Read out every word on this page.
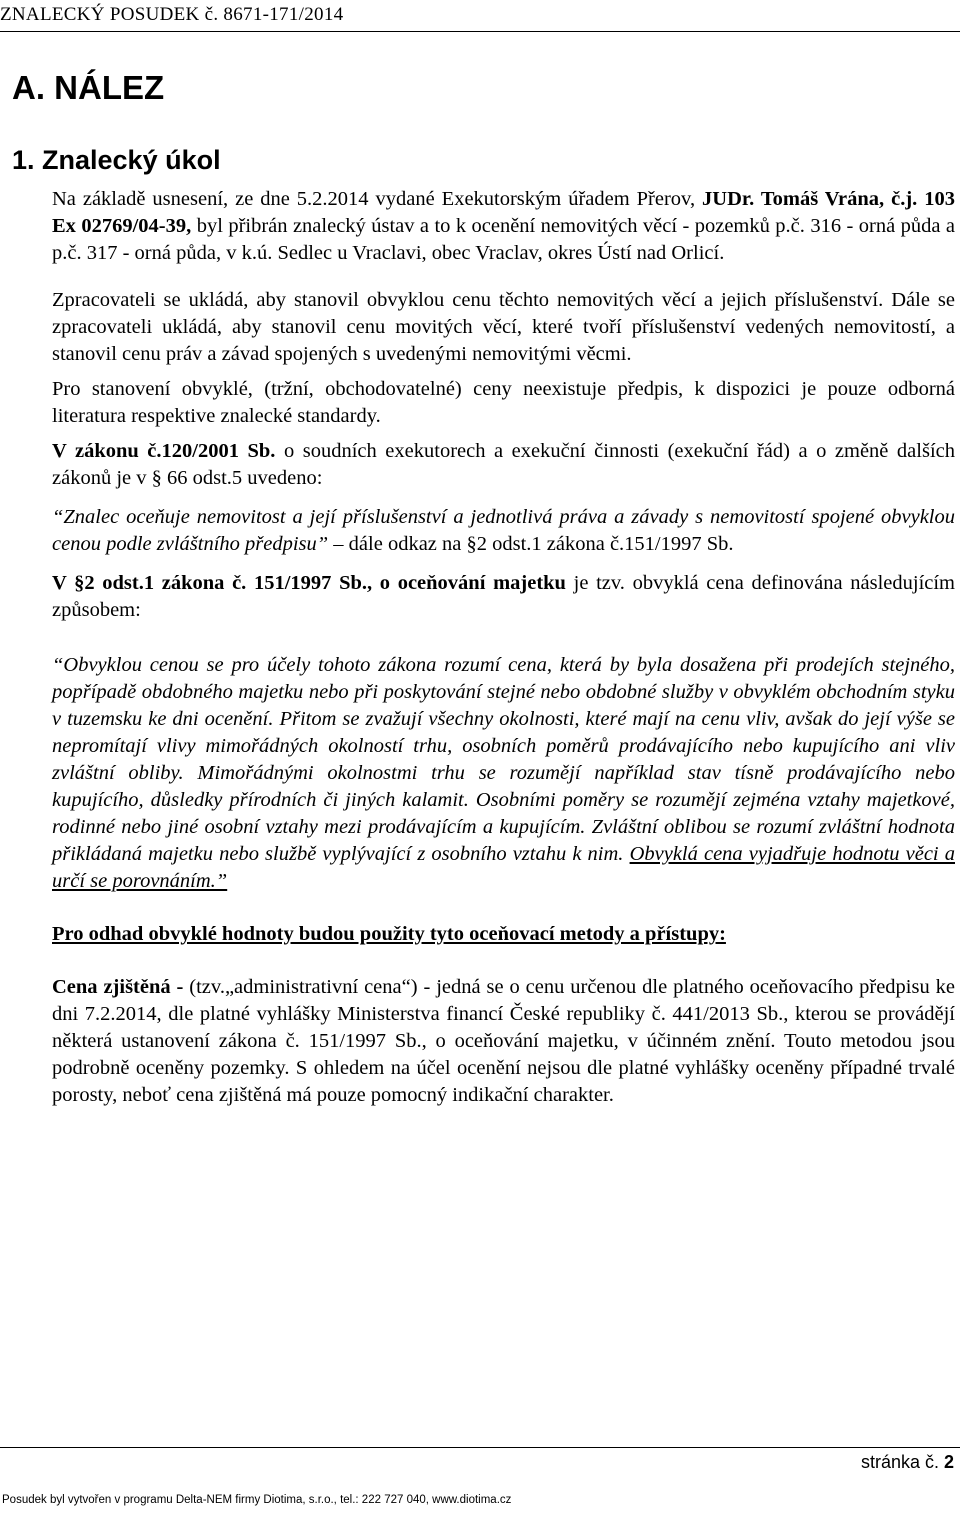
ZNALECKÝ POSUDEK č. 8671-171/2014
A. NÁLEZ
1. Znalecký úkol

Na základě usnesení, ze dne 5.2.2014 vydané Exekutorským úřadem Přerov, JUDr. Tomáš Vrána, č.j. 103 Ex 02769/04-39, byl přibrán znalecký ústav a to k ocenění nemovitých věcí - pozemků p.č. 316 - orná půda a p.č. 317 - orná půda, v k.ú. Sedlec u Vraclavi, obec Vraclav, okres Ústí nad Orlicí.

Zpracovateli se ukládá, aby stanovil obvyklou cenu těchto nemovitých věcí a jejich příslušenství. Dále se zpracovateli ukládá, aby stanovil cenu movitých věcí, které tvoří příslušenství vedených nemovitostí, a stanovil cenu práv a závad spojených s uvedenými nemovitými věcmi.

Pro stanovení obvyklé, (tržní, obchodovatelné) ceny neexistuje předpis, k dispozici je pouze odborná literatura respektive znalecké standardy.

V zákonu č.120/2001 Sb. o soudních exekutorech a exekuční činnosti (exekuční řád) a o změně dalších zákonů je v § 66 odst.5 uvedeno:

“Znalec oceňuje nemovitost a její příslušenství a jednotlivá práva a závady s nemovitostí spojené obvyklou cenou podle zvláštního předpisu” – dále odkaz na §2 odst.1 zákona č.151/1997 Sb.

V §2 odst.1 zákona č. 151/1997 Sb., o oceňování majetku je tzv. obvyklá cena definována následujícím způsobem:

“Obvyklou cenou se pro účely tohoto zákona rozumí cena, která by byla dosažena při prodejích stejného, popřípadě obdobného majetku nebo při poskytování stejné nebo obdobné služby v obvyklém obchodním styku v tuzemsku ke dni ocenění. Přitom se zvažují všechny okolnosti, které mají na cenu vliv, avšak do její výše se nepromítají vlivy mimořádných okolností trhu, osobních poměrů prodávajícího nebo kupujícího ani vliv zvláštní obliby. Mimořádnými okolnostmi trhu se rozumějí například stav tísně prodávajícího nebo kupujícího, důsledky přírodních či jiných kalamit. Osobními poměry se rozumějí zejména vztahy majetkové, rodinné nebo jiné osobní vztahy mezi prodávajícím a kupujícím. Zvláštní oblibou se rozumí zvláštní hodnota přikládaná majetku nebo službě vyplývající z osobního vztahu k nim. Obvyklá cena vyjadřuje hodnotu věci a určí se porovnáním.”

Pro odhad obvyklé hodnoty budou použity tyto oceňovací metody a přístupy:

Cena zjištěná - (tzv.„administrativní cena“) - jedná se o cenu určenou dle platného oceňovacího předpisu ke dni 7.2.2014, dle platné vyhlášky Ministerstva financí České republiky č. 441/2013 Sb., kterou se provádějí některá ustanovení zákona č. 151/1997 Sb., o oceňování majetku, v účinném znění. Touto metodou jsou podrobně oceněny pozemky. S ohledem na účel ocenění nejsou dle platné vyhlášky oceněny případné trvalé porosty, neboť cena zjištěná má pouze pomocný indikační charakter.

stránka č. 2
Posudek byl vytvořen v programu Delta-NEM firmy Diotima, s.r.o., tel.: 222 727 040, www.diotima.cz
